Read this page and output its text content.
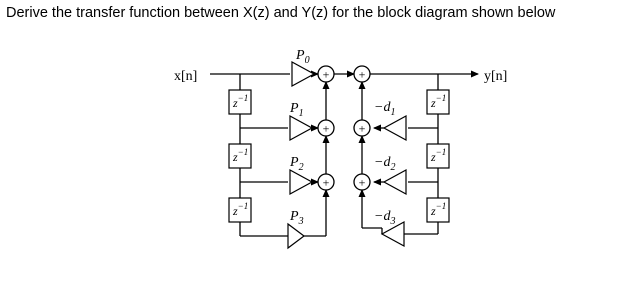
Derive the transfer function between X(z) and Y(z) for the block diagram shown below
x[n]	y[n]
$z^{-1}$
$z^{-1}$
$z^{-1}$
$z^{-1}$
$z^{-1}$
$z^{-1}$
$P_0$
$P_1$
$P_2$
$P_3$
$-d_1$
$-d_2$
$-d_3$
+ +
+ +
+ +
